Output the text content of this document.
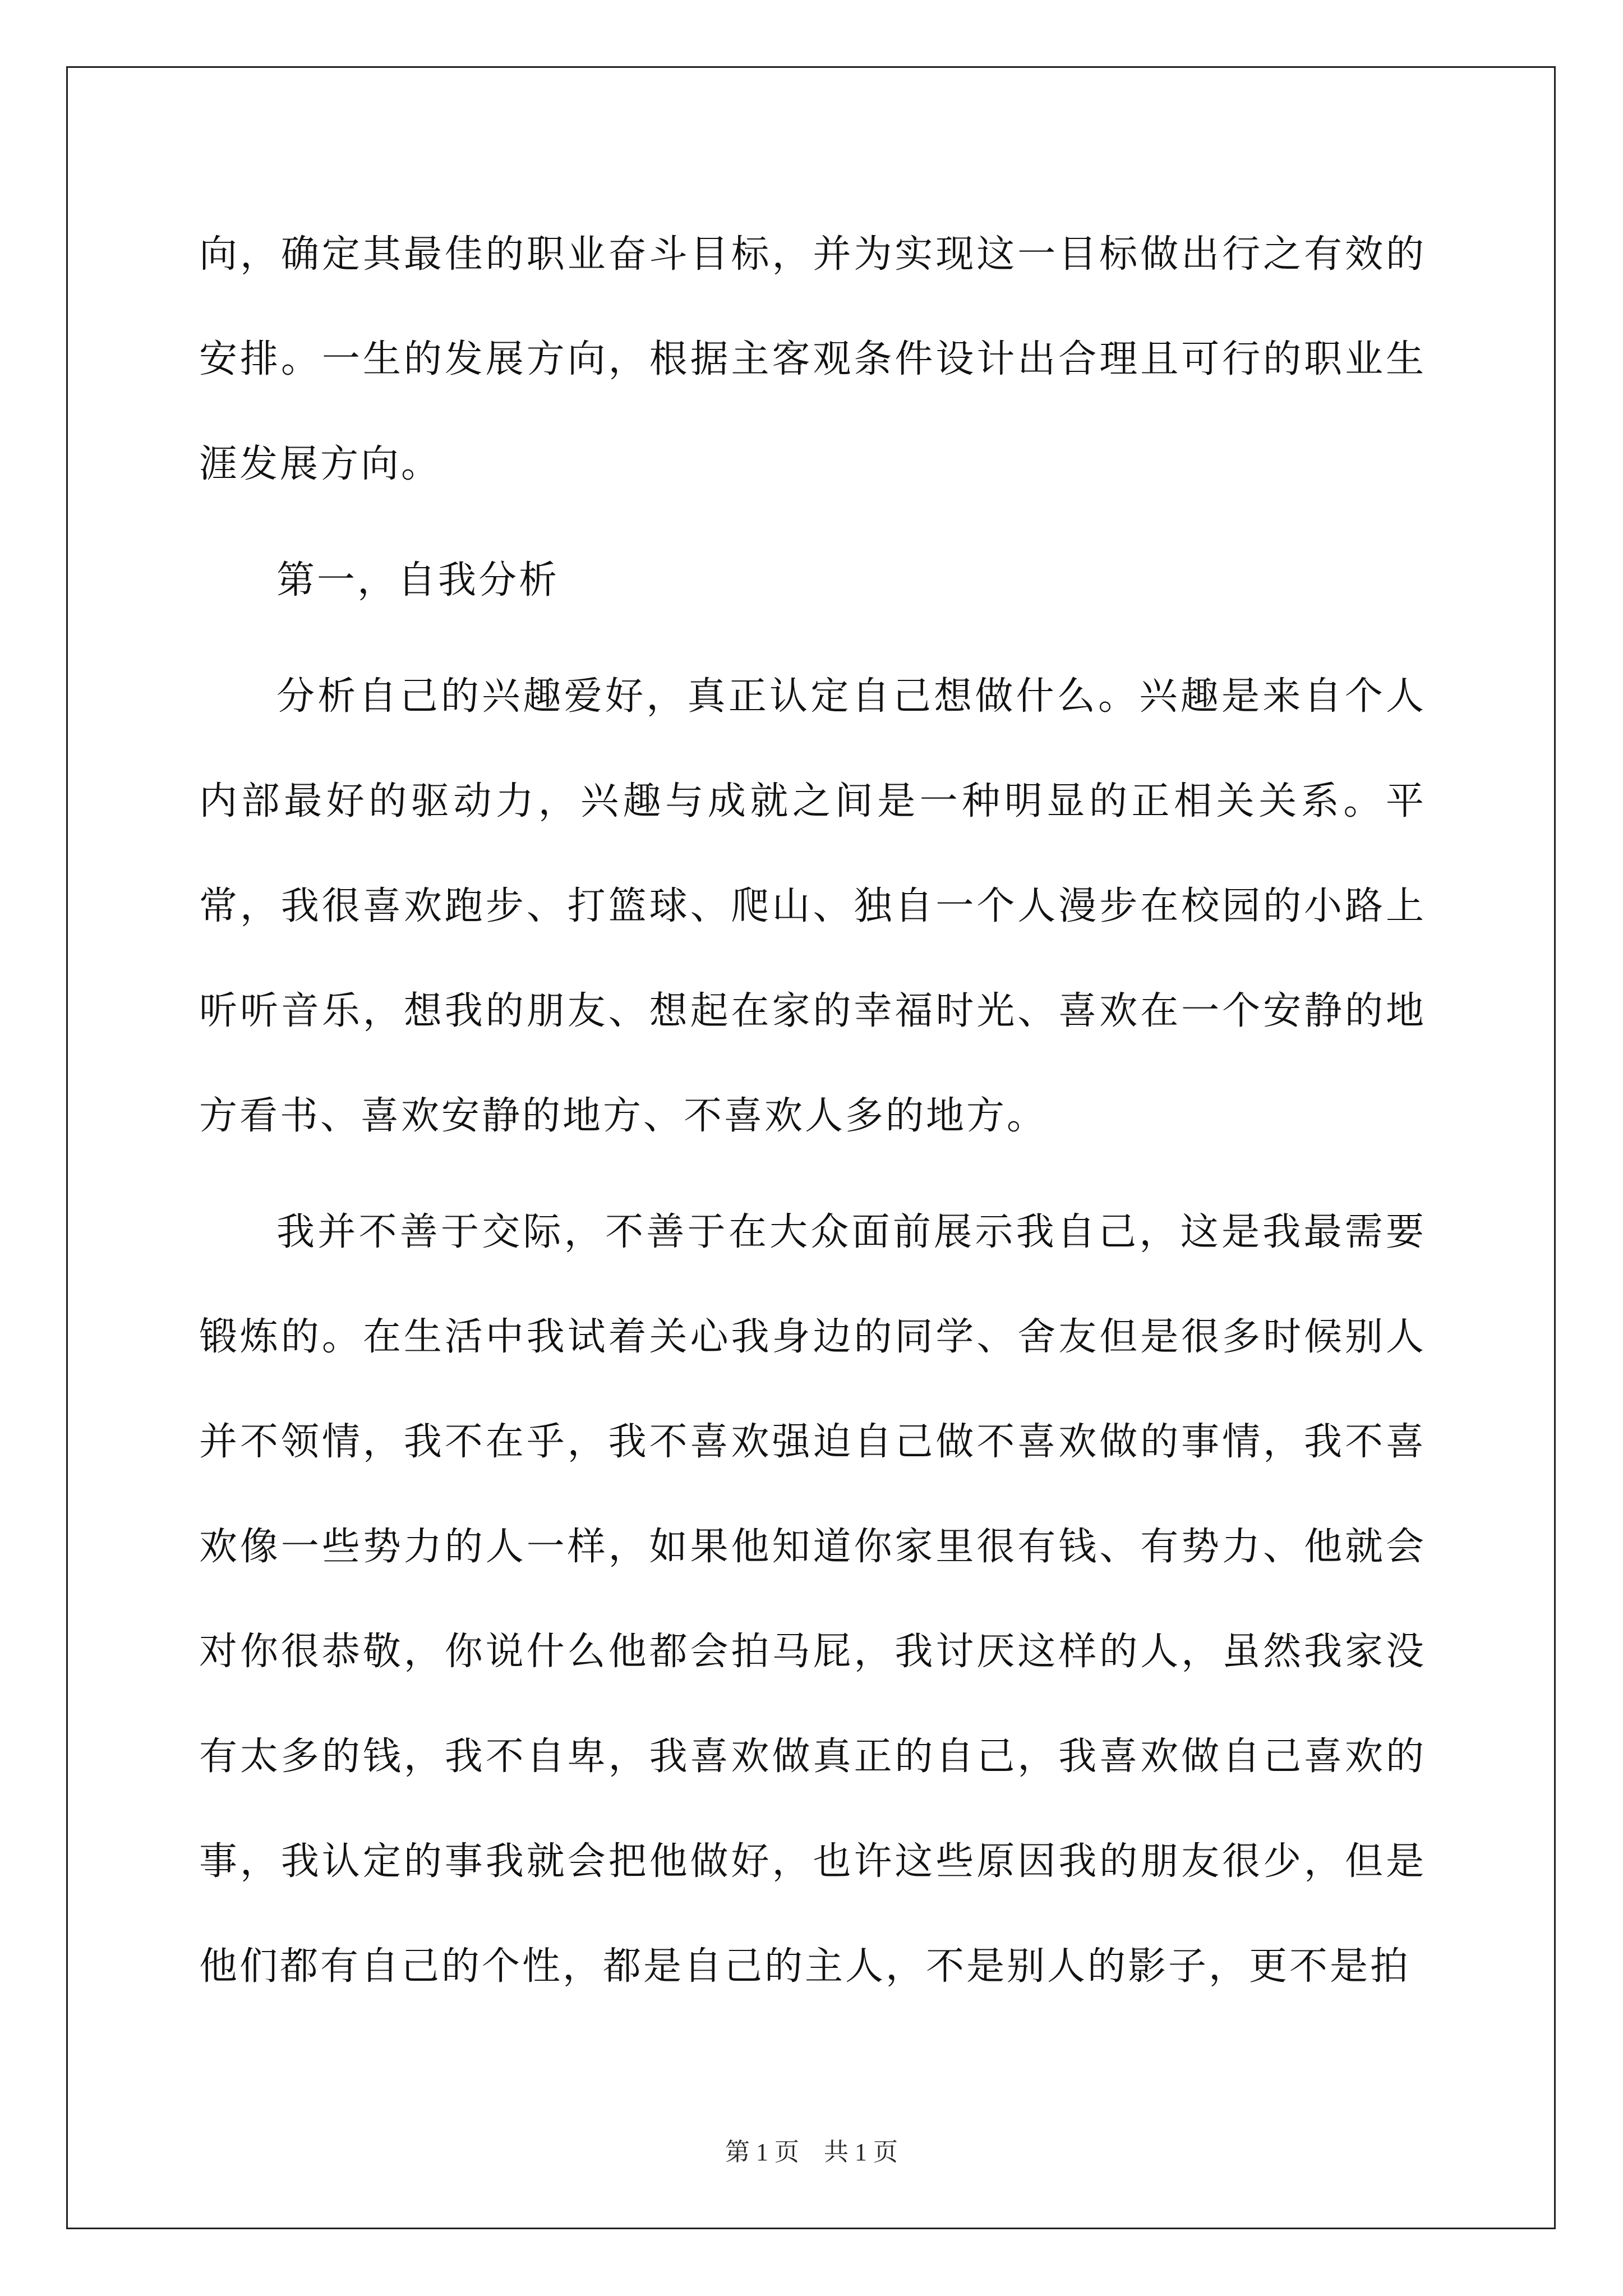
向，确定其最佳的职业奋斗目标，并为实现这一目标做出行之有效的安排。一生的发展方向，根据主客观条件设计出合理且可行的职业生涯发展方向。

第一，自我分析

分析自己的兴趣爱好，真正认定自己想做什么。兴趣是来自个人内部最好的驱动力，兴趣与成就之间是一种明显的正相关关系。平常，我很喜欢跑步、打篮球、爬山、独自一个人漫步在校园的小路上听听音乐，想我的朋友、想起在家的幸福时光、喜欢在一个安静的地方看书、喜欢安静的地方、不喜欢人多的地方。

我并不善于交际，不善于在大众面前展示我自己，这是我最需要锻炼的。在生活中我试着关心我身边的同学、舍友但是很多时候别人并不领情，我不在乎，我不喜欢强迫自己做不喜欢做的事情，我不喜欢像一些势力的人一样，如果他知道你家里很有钱、有势力、他就会对你很恭敬，你说什么他都会拍马屁，我讨厌这样的人，虽然我家没有太多的钱，我不自卑，我喜欢做真正的自己，我喜欢做自己喜欢的事，我认定的事我就会把他做好，也许这些原因我的朋友很少，但是他们都有自己的个性，都是自己的主人，不是别人的影子，更不是拍

第 1 页　共 1 页
